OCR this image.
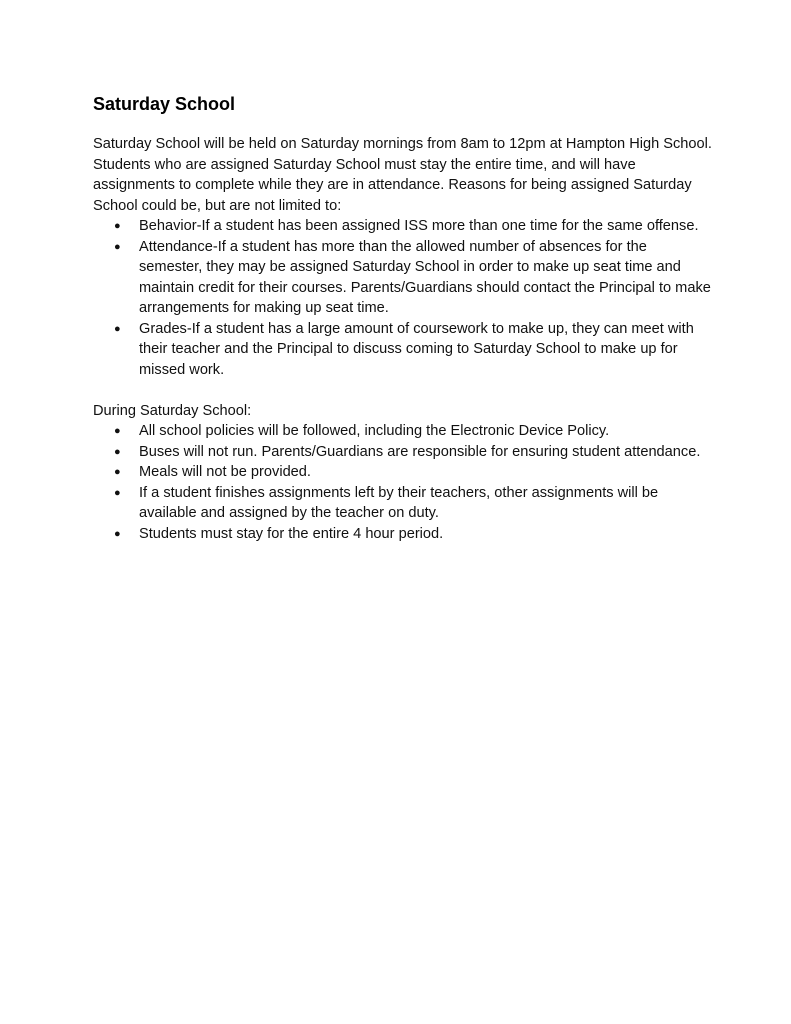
Saturday School

Saturday School will be held on Saturday mornings from 8am to 12pm at Hampton High School. Students who are assigned Saturday School must stay the entire time, and will have assignments to complete while they are in attendance. Reasons for being assigned Saturday School could be, but are not limited to:

● Behavior-If a student has been assigned ISS more than one time for the same offense.
● Attendance-If a student has more than the allowed number of absences for the semester, they may be assigned Saturday School in order to make up seat time and maintain credit for their courses. Parents/Guardians should contact the Principal to make arrangements for making up seat time.
● Grades-If a student has a large amount of coursework to make up, they can meet with their teacher and the Principal to discuss coming to Saturday School to make up for missed work.

During Saturday School:

● All school policies will be followed, including the Electronic Device Policy.
● Buses will not run. Parents/Guardians are responsible for ensuring student attendance.
● Meals will not be provided.
● If a student finishes assignments left by their teachers, other assignments will be available and assigned by the teacher on duty.
● Students must stay for the entire 4 hour period.
